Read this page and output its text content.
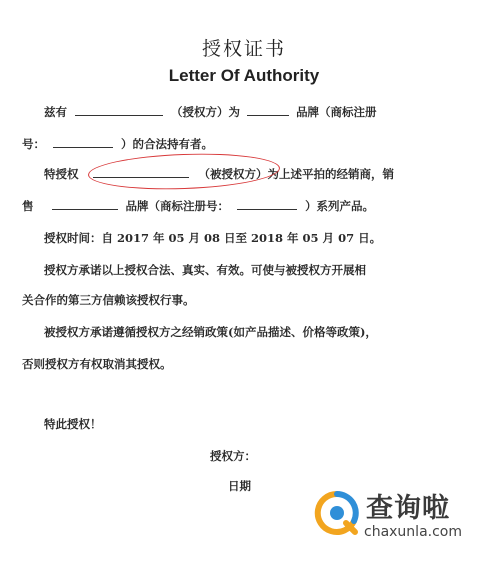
授权证书
Letter Of Authority
兹有	（授权方）为	品牌（商标注册
号：	）的合法持有者。
特授权	（被授权方）为上述平拍的经销商，销
售	品牌（商标注册号：	）系列产品。
授权时间：自 2017 年 05 月 08 日至 2018 年 05 月 07 日。
授权方承诺以上授权合法、真实、有效。可使与被授权方开展相
关合作的第三方信赖该授权行事。
被授权方承诺遵循授权方之经销政策(如产品描述、价格等政策)，
否则授权方有权取消其授权。
特此授权！
授权方：
日期
查询啦
chaxunla.com
